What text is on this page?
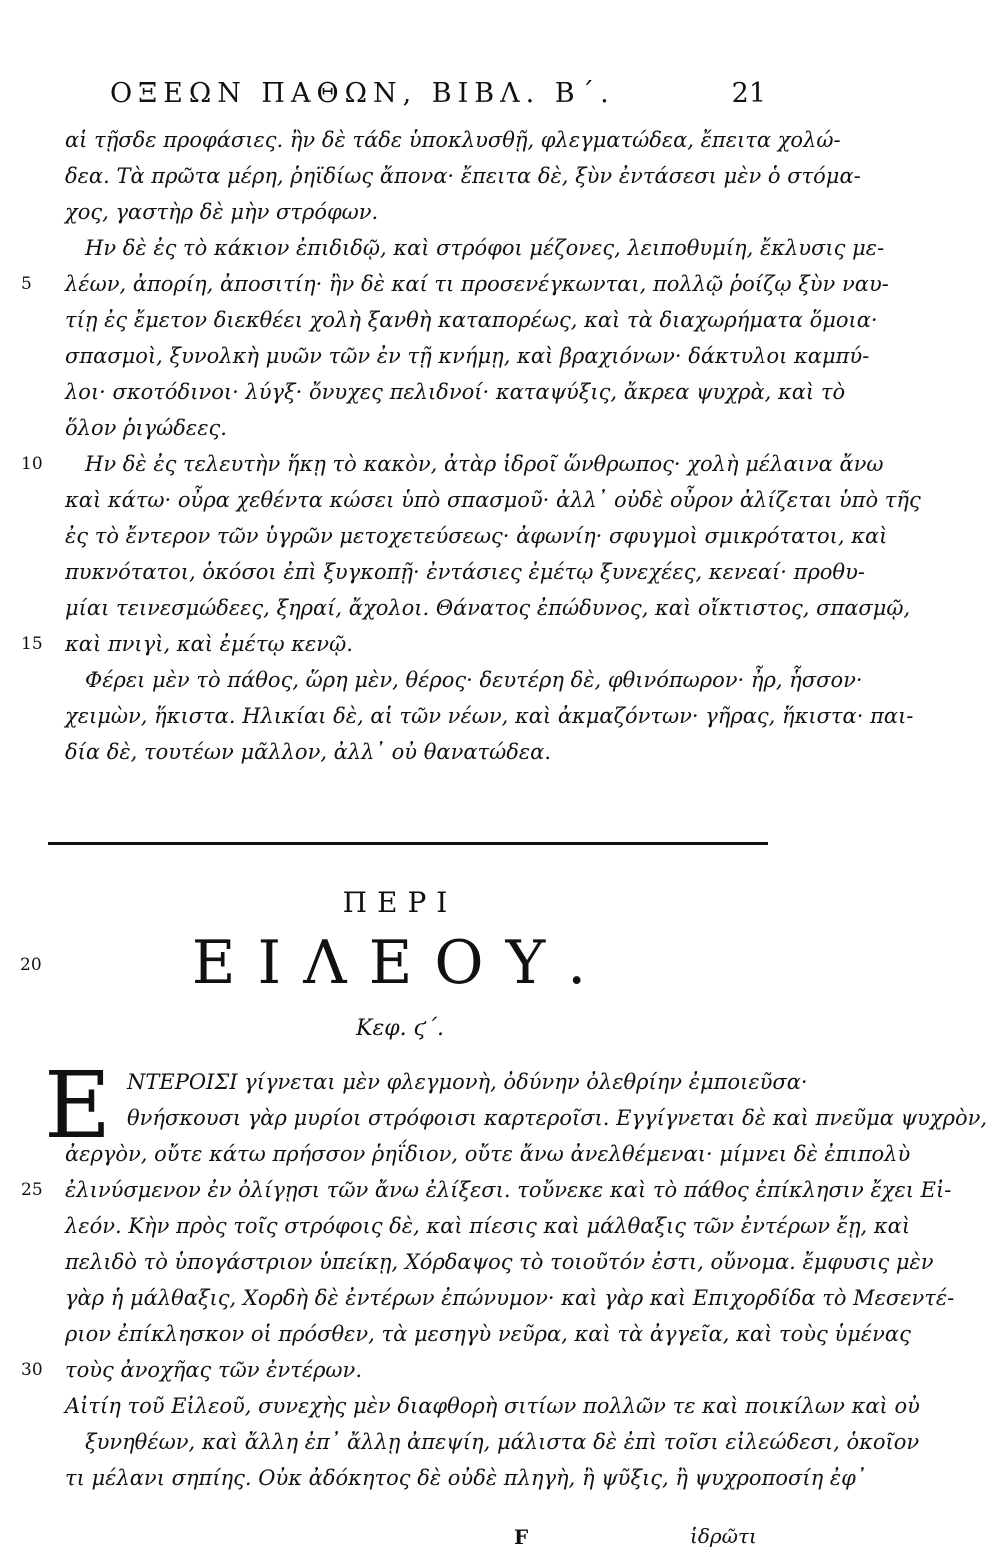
ΟΞΕΩΝ ΠΑΘΩΝ, ΒΙΒΛ. Β΄.	21
αἱ τῇσδε προφάσιες. ἢν δὲ τάδε ὑποκλυσθῇ, φλεγματώδεα, ἔπειτα χολώ-
δεα. Τὰ πρῶτα μέρη, ῥηϊδίως ἄπονα· ἔπειτα δὲ, ξὺν ἐντάσεσι μὲν ὁ στόμα-
χος, γαστὴρ δὲ μὴν στρόφων.
Ην δὲ ἐς τὸ κάκιον ἐπιδιδῷ, καὶ στρόφοι μέζονες, λειποθυμίη, ἔκλυσις με-
5	λέων, ἀπορίη, ἀποσιτίη· ἢν δὲ καί τι προσενέγκωνται, πολλῷ ῥοίζῳ ξὺν ναυ-
τίῃ ἐς ἔμετον διεκθέει χολὴ ξανθὴ καταπορέως, καὶ τὰ διαχωρήματα ὅμοια·
σπασμοὶ, ξυνολκὴ μυῶν τῶν ἐν τῇ κνήμῃ, καὶ βραχιόνων· δάκτυλοι καμπύ-
λοι· σκοτόδινοι· λύγξ· ὄνυχες πελιδνοί· καταψύξις, ἄκρεα ψυχρὰ, καὶ τὸ
ὅλον ῥιγώδεες.
10	Ην δὲ ἐς τελευτὴν ἥκῃ τὸ κακὸν, ἀτὰρ ἱδροῖ ὥνθρωπος· χολὴ μέλαινα ἄνω
καὶ κάτω· οὖρα χεθέντα κώσει ὑπὸ σπασμοῦ· ἀλλ᾿ οὐδὲ οὖρον ἀλίζεται ὑπὸ τῆς
ἐς τὸ ἔντερον τῶν ὑγρῶν μετοχετεύσεως· ἀφωνίη· σφυγμοὶ σμικρότατοι, καὶ
πυκνότατοι, ὁκόσοι ἐπὶ ξυγκοπῇ· ἐντάσιες ἐμέτῳ ξυνεχέες, κενεαί· προθυ-
μίαι τεινεσμώδεες, ξηραί, ἄχολοι. Θάνατος ἐπώδυνος, καὶ οἴκτιστος, σπασμῷ,
15	καὶ πνιγὶ, καὶ ἐμέτῳ κενῷ.
Φέρει μὲν τὸ πάθος, ὥρη μὲν, θέρος· δευτέρη δὲ, φθινόπωρον· ἦρ, ἧσσον·
χειμὼν, ἥκιστα. Ηλικίαι δὲ, αἱ τῶν νέων, καὶ ἀκμαζόντων· γῆρας, ἥκιστα· παι-
δία δὲ, τουτέων μᾶλλον, ἀλλ᾿ οὐ θανατώδεα.
ΠΕΡΙ
20	ΕΙΛΕΟΥ.
Κεφ. ϛ΄.
Ε ΝΤΕΡΟΙΣΙ γίγνεται μὲν φλεγμονὴ, ὀδύνην ὀλεθρίην ἐμποιεῦσα·
θνήσκουσι γὰρ μυρίοι στρόφοισι καρτεροῖσι. Εγγίγνεται δὲ καὶ πνεῦμα ψυχρὸν,
ἀεργὸν, οὔτε κάτω πρήσσον ῥηΐδιον, οὔτε ἄνω ἀνελθέμεναι· μίμνει δὲ ἐπιπολὺ
25	ἐλινύσμενον ἐν ὀλίγῃσι τῶν ἄνω ἐλίξεσι. τοὔνεκε καὶ τὸ πάθος ἐπίκλησιν ἔχει Εἰ-
λεόν. Κὴν πρὸς τοῖς στρόφοις δὲ, καὶ πίεσις καὶ μάλθαξις τῶν ἐντέρων ἔῃ, καὶ
πελιδὸ τὸ ὑπογάστριον ὑπείκῃ, Χόρδαψος τὸ τοιοῦτόν ἐστι, οὔνομα. ἔμφυσις μὲν
γὰρ ἡ μάλθαξις, Χορδὴ δὲ ἐντέρων ἐπώνυμον· καὶ γὰρ καὶ Επιχορδίδα τὸ Μεσεντέ-
ριον ἐπίκλησκον οἱ πρόσθεν, τὰ μεσηγὺ νεῦρα, καὶ τὰ ἀγγεῖα, καὶ τοὺς ὑμένας
30	τοὺς ἀνοχῆας τῶν ἐντέρων.
Αἰτίη τοῦ Εἰλεοῦ, συνεχὴς μὲν διαφθορὴ σιτίων πολλῶν τε καὶ ποικίλων καὶ οὐ
ξυνηθέων, καὶ ἄλλη ἐπ᾿ ἄλλῃ ἀπεψίη, μάλιστα δὲ ἐπὶ τοῖσι εἰλεώδεσι, ὁκοῖον
τι μέλανι σηπίης. Οὐκ ἀδόκητος δὲ οὐδὲ πληγὴ, ἢ ψῦξις, ἢ ψυχροποσίη ἐφ᾿
F	ἱδρῶτι
